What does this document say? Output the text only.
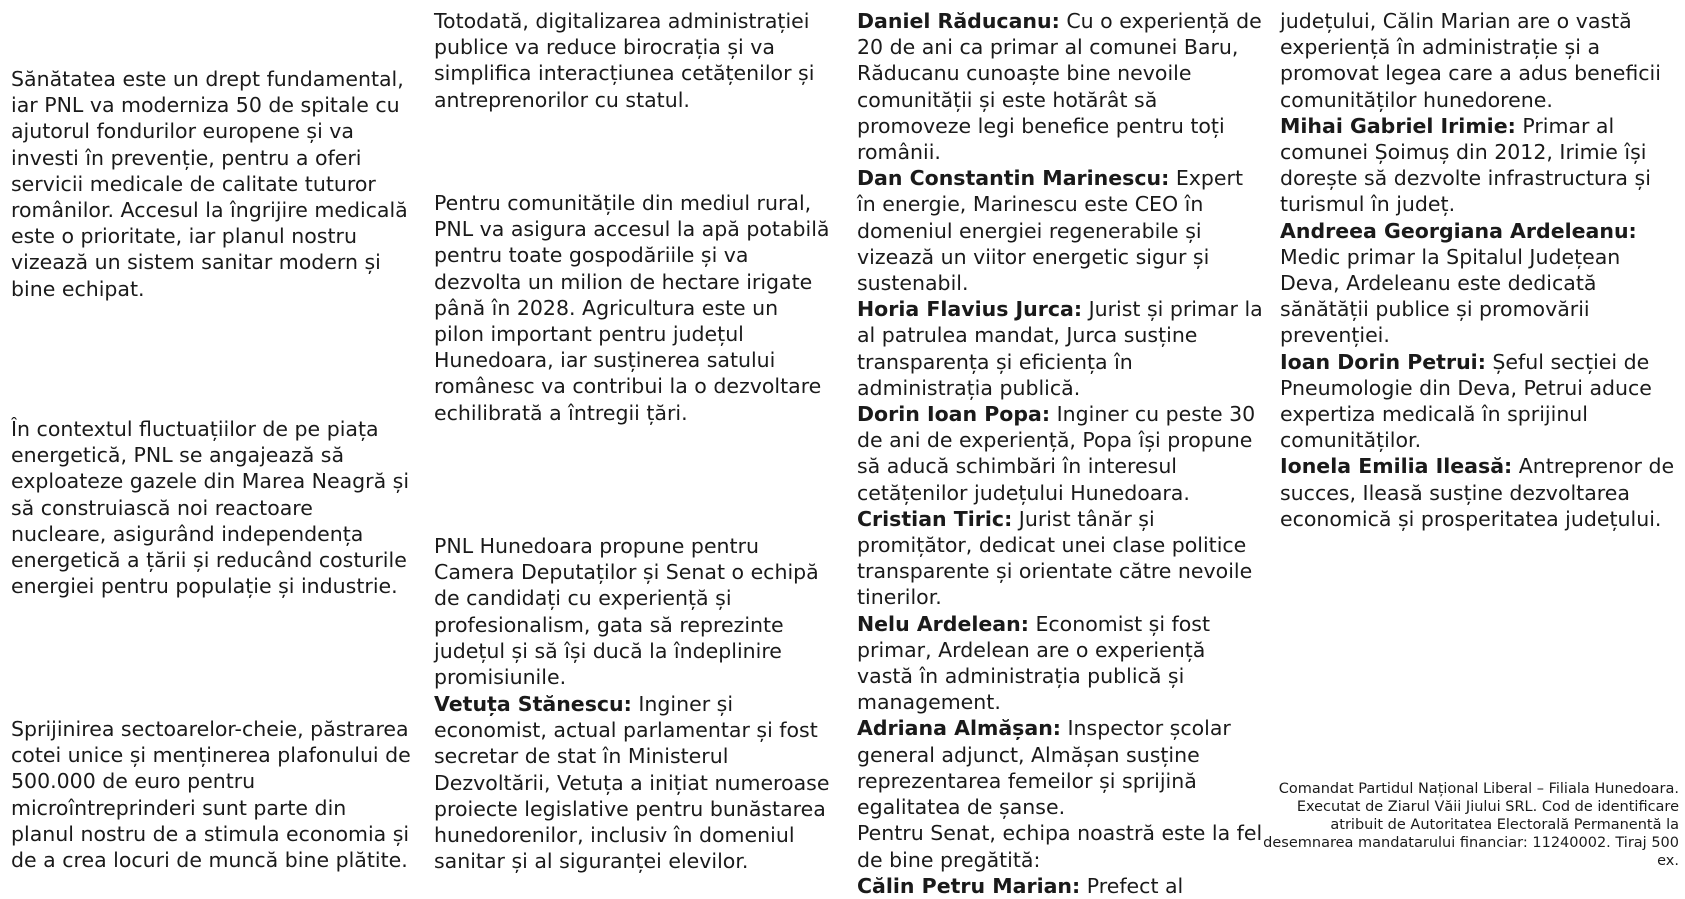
Sănătatea este un drept fundamental, iar PNL va moderniza 50 de spitale cu ajutorul fondurilor europene și va investi în prevenție, pentru a oferi servicii medicale de calitate tuturor românilor. Accesul la îngrijire medicală este o prioritate, iar planul nostru vizează un sistem sanitar modern și bine echipat.

În contextul fluctuațiilor de pe piața energetică, PNL se angajează să exploateze gazele din Marea Neagră și să construiască noi reactoare nucleare, asigurând independența energetică a țării și reducând costurile energiei pentru populație și industrie.

Sprijinirea sectoarelor-cheie, păstrarea cotei unice și menținerea plafonului de 500.000 de euro pentru microîntreprinderi sunt parte din planul nostru de a stimula economia și de a crea locuri de muncă bine plătite.

Totodată, digitalizarea administrației publice va reduce birocrația și va simplifica interacțiunea cetățenilor și antreprenorilor cu statul.

Pentru comunitățile din mediul rural, PNL va asigura accesul la apă potabilă pentru toate gospodăriile și va dezvolta un milion de hectare irigate până în 2028. Agricultura este un pilon important pentru județul Hunedoara, iar susținerea satului românesc va contribui la o dezvoltare echilibrată a întregii țări.

PNL Hunedoara propune pentru Camera Deputaților și Senat o echipă de candidați cu experiență și profesionalism, gata să reprezinte județul și să își ducă la îndeplinire promisiunile.

Vetuța Stănescu: Inginer și economist, actual parlamentar și fost secretar de stat în Ministerul Dezvoltării, Vetuța a inițiat numeroase proiecte legislative pentru bunăstarea hunedorenilor, inclusiv în domeniul sanitar și al siguranței elevilor.

Daniel Răducanu: Cu o experiență de 20 de ani ca primar al comunei Baru, Răducanu cunoaște bine nevoile comunității și este hotărât să promoveze legi benefice pentru toți românii.

Dan Constantin Marinescu: Expert în energie, Marinescu este CEO în domeniul energiei regenerabile și vizează un viitor energetic sigur și sustenabil.

Horia Flavius Jurca: Jurist și primar la al patrulea mandat, Jurca susține transparența și eficiența în administrația publică.

Dorin Ioan Popa: Inginer cu peste 30 de ani de experiență, Popa își propune să aducă schimbări în interesul cetățenilor județului Hunedoara.

Cristian Tiric: Jurist tânăr și promițător, dedicat unei clase politice transparente și orientate către nevoile tinerilor.

Nelu Ardelean: Economist și fost primar, Ardelean are o experiență vastă în administrația publică și management.

Adriana Almășan: Inspector școlar general adjunct, Almășan susține reprezentarea femeilor și sprijină egalitatea de șanse.

Pentru Senat, echipa noastră este la fel de bine pregătită:

Călin Petru Marian: Prefect al

județului, Călin Marian are o vastă experiență în administrație și a promovat legea care a adus beneficii comunităților hunedorene.

Mihai Gabriel Irimie: Primar al comunei Șoimuș din 2012, Irimie își dorește să dezvolte infrastructura și turismul în județ.

Andreea Georgiana Ardeleanu: Medic primar la Spitalul Județean Deva, Ardeleanu este dedicată sănătății publice și promovării prevenției.

Ioan Dorin Petrui: Șeful secției de Pneumologie din Deva, Petrui aduce expertiza medicală în sprijinul comunităților.

Ionela Emilia Ileasă: Antreprenor de succes, Ileasă susține dezvoltarea economică și prosperitatea județului.

Comandat Partidul Național Liberal – Filiala Hunedoara. Executat de Ziarul Văii Jiului SRL. Cod de identificare atribuit de Autoritatea Electorală Permanentă la desemnarea mandatarului financiar: 11240002. Tiraj 500 ex.
